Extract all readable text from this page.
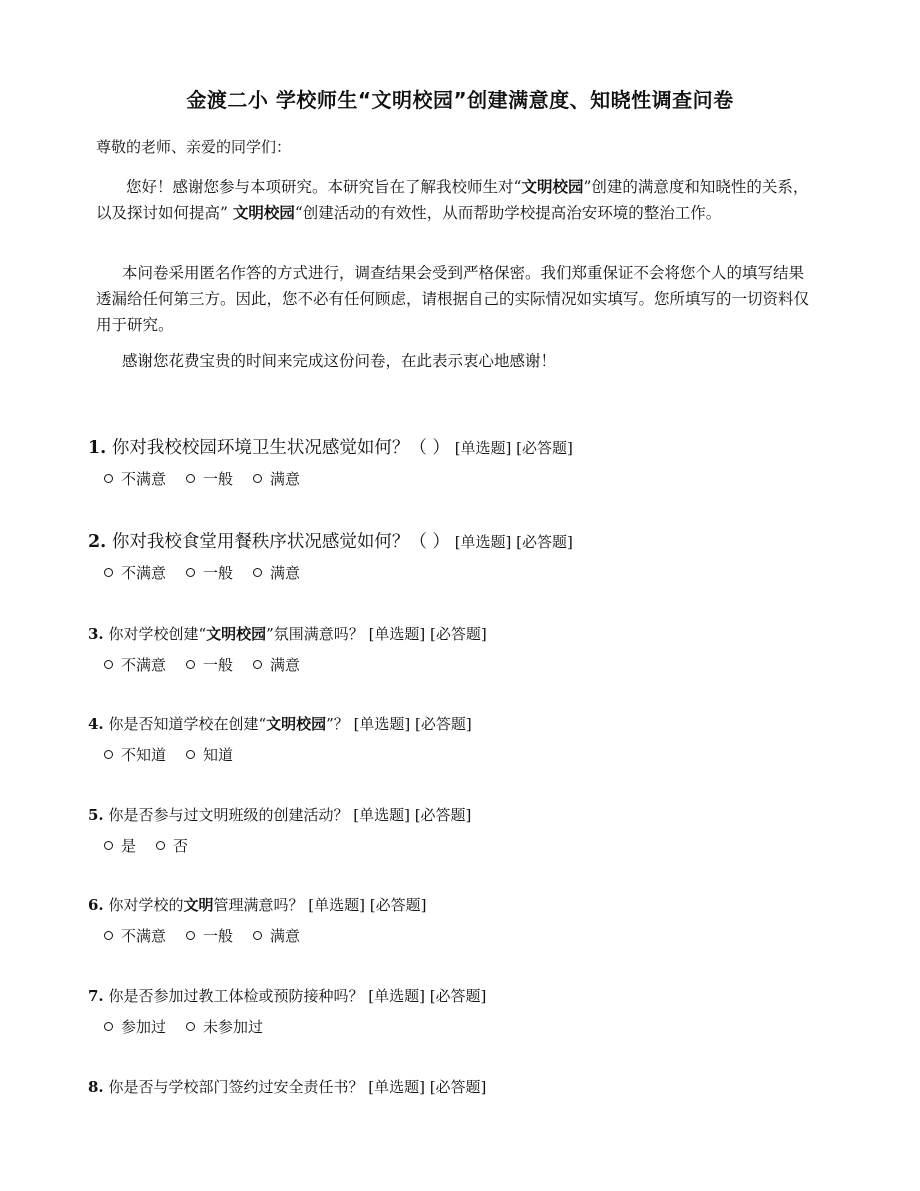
金渡二小 学校师生“文明校园”创建满意度、知晓性调查问卷
尊敬的老师、亲爱的同学们：
您好！感谢您参与本项研究。本研究旨在了解我校师生对“文明校园”创建的满意度和知晓性的关系，以及探讨如何提高” 文明校园“创建活动的有效性，从而帮助学校提高治安环境的整治工作。
本问卷采用匿名作答的方式进行，调查结果会受到严格保密。我们郑重保证不会将您个人的填写结果透漏给任何第三方。因此，您不必有任何顾虑，请根据自己的实际情况如实填写。您所填写的一切资料仅用于研究。
感谢您花费宝贵的时间来完成这份问卷，在此表示衷心地感谢！
1. 你对我校校园环境卫生状况感觉如何？（ ） [单选题] [必答题]
不满意 一般 满意
2. 你对我校食堂用餐秩序状况感觉如何？（ ） [单选题] [必答题]
不满意 一般 满意
3. 你对学校创建“文明校园”氛围满意吗？ [单选题] [必答题]
不满意 一般 满意
4. 你是否知道学校在创建“文明校园”？ [单选题] [必答题]
不知道 知道
5. 你是否参与过文明班级的创建活动？ [单选题] [必答题]
是 否
6. 你对学校的文明管理满意吗？ [单选题] [必答题]
不满意 一般 满意
7. 你是否参加过教工体检或预防接种吗？ [单选题] [必答题]
参加过 未参加过
8. 你是否与学校部门签约过安全责任书？ [单选题] [必答题]
